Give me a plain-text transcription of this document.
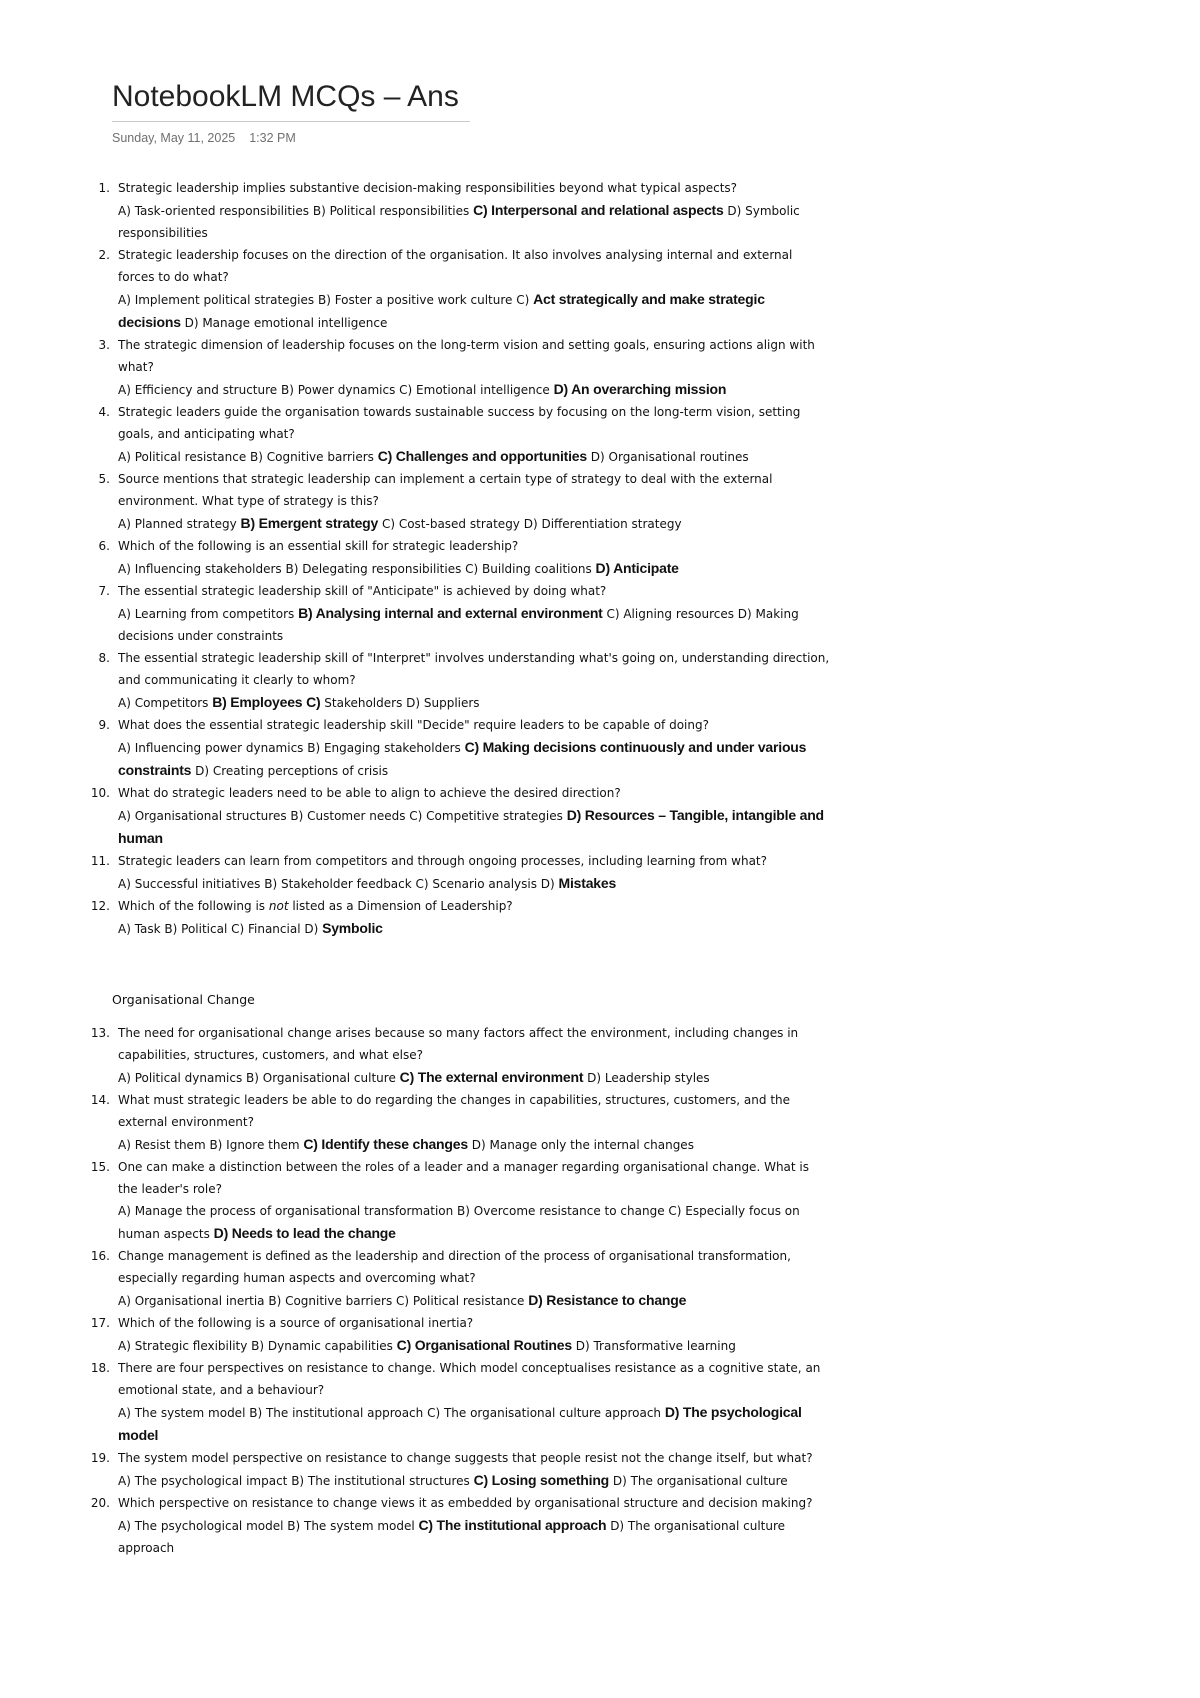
NotebookLM MCQs – Ans
Sunday, May 11, 2025 1:32 PM
1. Strategic leadership implies substantive decision-making responsibilities beyond what typical aspects?
A) Task-oriented responsibilities B) Political responsibilities C) Interpersonal and relational aspects D) Symbolic responsibilities
2. Strategic leadership focuses on the direction of the organisation. It also involves analysing internal and external forces to do what?
A) Implement political strategies B) Foster a positive work culture C) Act strategically and make strategic decisions D) Manage emotional intelligence
3. The strategic dimension of leadership focuses on the long-term vision and setting goals, ensuring actions align with what?
A) Efficiency and structure B) Power dynamics C) Emotional intelligence D) An overarching mission
4. Strategic leaders guide the organisation towards sustainable success by focusing on the long-term vision, setting goals, and anticipating what?
A) Political resistance B) Cognitive barriers C) Challenges and opportunities D) Organisational routines
5. Source mentions that strategic leadership can implement a certain type of strategy to deal with the external environment. What type of strategy is this?
A) Planned strategy B) Emergent strategy C) Cost-based strategy D) Differentiation strategy
6. Which of the following is an essential skill for strategic leadership?
A) Influencing stakeholders B) Delegating responsibilities C) Building coalitions D) Anticipate
7. The essential strategic leadership skill of "Anticipate" is achieved by doing what?
A) Learning from competitors B) Analysing internal and external environment C) Aligning resources D) Making decisions under constraints
8. The essential strategic leadership skill of "Interpret" involves understanding what's going on, understanding direction, and communicating it clearly to whom?
A) Competitors B) Employees C) Stakeholders D) Suppliers
9. What does the essential strategic leadership skill "Decide" require leaders to be capable of doing?
A) Influencing power dynamics B) Engaging stakeholders C) Making decisions continuously and under various constraints D) Creating perceptions of crisis
10. What do strategic leaders need to be able to align to achieve the desired direction?
A) Organisational structures B) Customer needs C) Competitive strategies D) Resources – Tangible, intangible and human
11. Strategic leaders can learn from competitors and through ongoing processes, including learning from what?
A) Successful initiatives B) Stakeholder feedback C) Scenario analysis D) Mistakes
12. Which of the following is not listed as a Dimension of Leadership?
A) Task B) Political C) Financial D) Symbolic
Organisational Change
13. The need for organisational change arises because so many factors affect the environment, including changes in capabilities, structures, customers, and what else?
A) Political dynamics B) Organisational culture C) The external environment D) Leadership styles
14. What must strategic leaders be able to do regarding the changes in capabilities, structures, customers, and the external environment?
A) Resist them B) Ignore them C) Identify these changes D) Manage only the internal changes
15. One can make a distinction between the roles of a leader and a manager regarding organisational change. What is the leader's role?
A) Manage the process of organisational transformation B) Overcome resistance to change C) Especially focus on human aspects D) Needs to lead the change
16. Change management is defined as the leadership and direction of the process of organisational transformation, especially regarding human aspects and overcoming what?
A) Organisational inertia B) Cognitive barriers C) Political resistance D) Resistance to change
17. Which of the following is a source of organisational inertia?
A) Strategic flexibility B) Dynamic capabilities C) Organisational Routines D) Transformative learning
18. There are four perspectives on resistance to change. Which model conceptualises resistance as a cognitive state, an emotional state, and a behaviour?
A) The system model B) The institutional approach C) The organisational culture approach D) The psychological model
19. The system model perspective on resistance to change suggests that people resist not the change itself, but what?
A) The psychological impact B) The institutional structures C) Losing something D) The organisational culture
20. Which perspective on resistance to change views it as embedded by organisational structure and decision making?
A) The psychological model B) The system model C) The institutional approach D) The organisational culture approach
